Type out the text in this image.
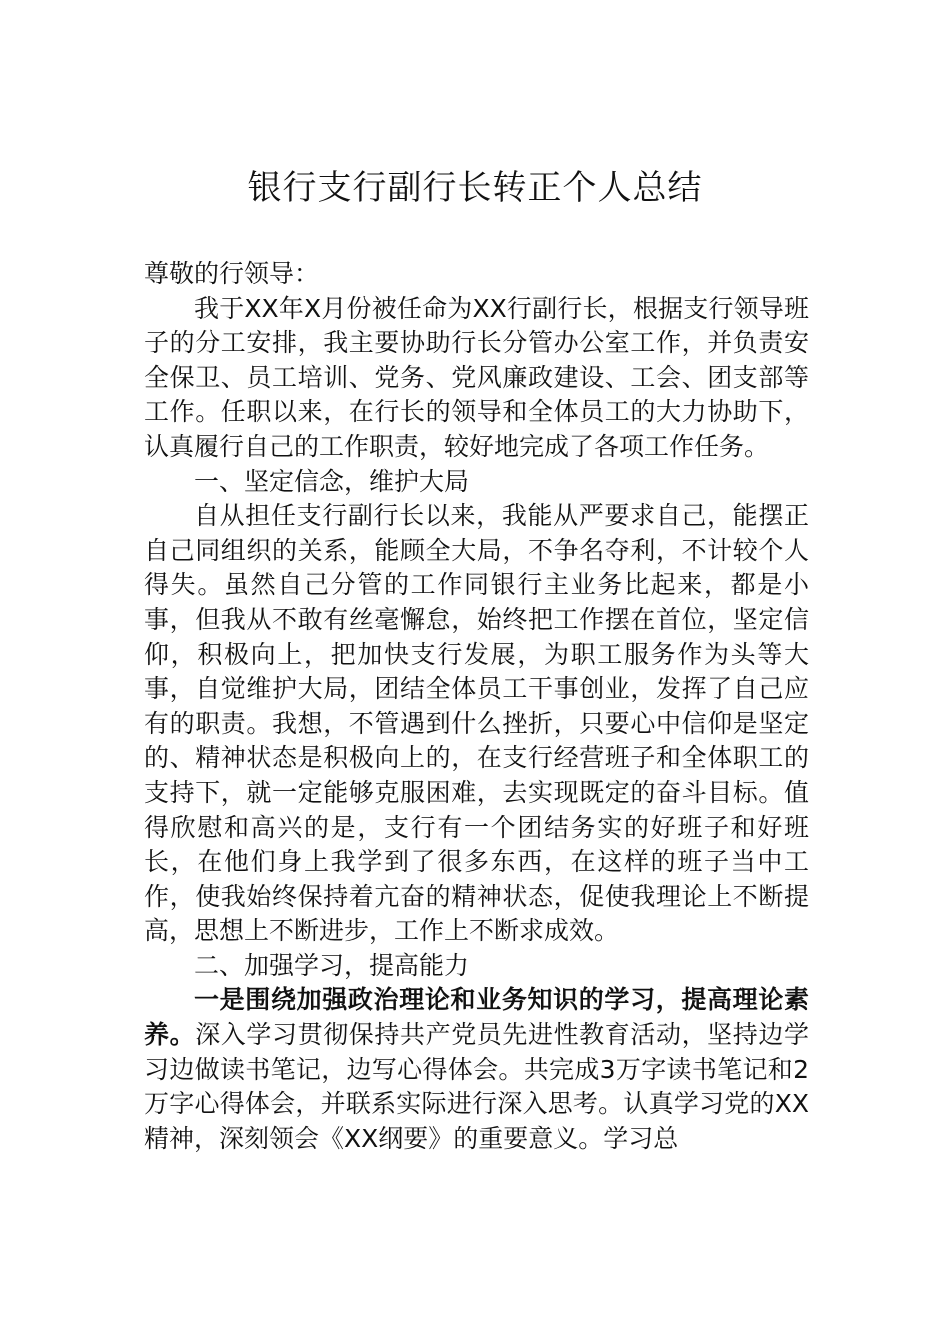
银行支行副行长转正个人总结

尊敬的行领导：

我于XX年X月份被任命为XX行副行长，根据支行领导班子的分工安排，我主要协助行长分管办公室工作，并负责安全保卫、员工培训、党务、党风廉政建设、工会、团支部等工作。任职以来，在行长的领导和全体员工的大力协助下，认真履行自己的工作职责，较好地完成了各项工作任务。

一、坚定信念，维护大局

自从担任支行副行长以来，我能从严要求自己，能摆正自己同组织的关系，能顾全大局，不争名夺利，不计较个人得失。虽然自己分管的工作同银行主业务比起来，都是小事，但我从不敢有丝毫懈怠，始终把工作摆在首位，坚定信仰，积极向上，把加快支行发展，为职工服务作为头等大事，自觉维护大局，团结全体员工干事创业，发挥了自己应有的职责。我想，不管遇到什么挫折，只要心中信仰是坚定的、精神状态是积极向上的，在支行经营班子和全体职工的支持下，就一定能够克服困难，去实现既定的奋斗目标。值得欣慰和高兴的是，支行有一个团结务实的好班子和好班长，在他们身上我学到了很多东西，在这样的班子当中工作，使我始终保持着亢奋的精神状态，促使我理论上不断提高，思想上不断进步，工作上不断求成效。

二、加强学习，提高能力

一是围绕加强政治理论和业务知识的学习，提高理论素养。深入学习贯彻保持共产党员先进性教育活动，坚持边学习边做读书笔记，边写心得体会。共完成3万字读书笔记和2万字心得体会，并联系实际进行深入思考。认真学习党的XX精神，深刻领会《XX纲要》的重要意义。学习总
